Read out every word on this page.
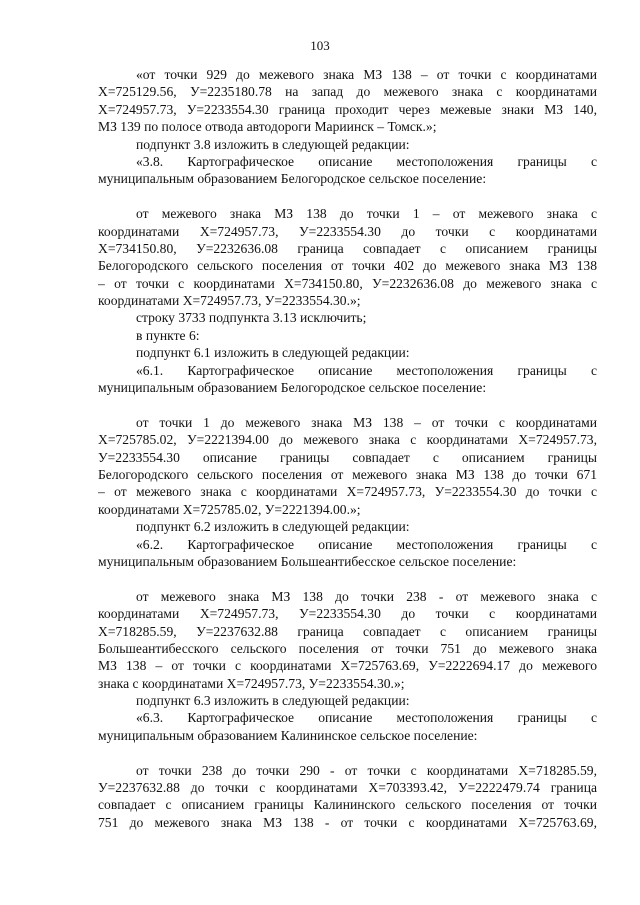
103
«от точки 929 до межевого знака МЗ 138 – от точки с координатами
Х=725129.56, У=2235180.78 на запад до межевого знака с координатами
Х=724957.73, У=2233554.30 граница проходит через межевые знаки МЗ 140,
МЗ 139 по полосе отвода автодороги Мариинск – Томск.»;
подпункт 3.8 изложить в следующей редакции:
«3.8. Картографическое описание местоположения границы с
муниципальным образованием Белогородское сельское поселение:
от межевого знака МЗ 138 до точки 1 – от межевого знака с
координатами Х=724957.73, У=2233554.30 до точки с координатами
Х=734150.80, У=2232636.08 граница совпадает с описанием границы
Белогородского сельского поселения от точки 402 до межевого знака МЗ 138
– от точки с координатами Х=734150.80, У=2232636.08 до межевого знака с
координатами Х=724957.73, У=2233554.30.»;
строку 3733 подпункта 3.13 исключить;
в пункте 6:
подпункт 6.1 изложить в следующей редакции:
«6.1. Картографическое описание местоположения границы с
муниципальным образованием Белогородское сельское поселение:
от точки 1 до межевого знака МЗ 138 – от точки с координатами
Х=725785.02, У=2221394.00 до межевого знака с координатами Х=724957.73,
У=2233554.30 описание границы совпадает с описанием границы
Белогородского сельского поселения от межевого знака МЗ 138 до точки 671
– от межевого знака с координатами Х=724957.73, У=2233554.30 до точки с
координатами Х=725785.02, У=2221394.00.»;
подпункт 6.2 изложить в следующей редакции:
«6.2. Картографическое описание местоположения границы с
муниципальным образованием Большеантибесское сельское поселение:
от межевого знака МЗ 138 до точки 238 - от межевого знака с
координатами Х=724957.73, У=2233554.30 до точки с координатами
Х=718285.59, У=2237632.88 граница совпадает с описанием границы
Большеантибесского сельского поселения от точки 751 до межевого знака
МЗ 138 – от точки с координатами Х=725763.69, У=2222694.17 до межевого
знака с координатами Х=724957.73, У=2233554.30.»;
подпункт 6.3 изложить в следующей редакции:
«6.3. Картографическое описание местоположения границы с
муниципальным образованием Калининское сельское поселение:
от точки 238 до точки 290 - от точки с координатами Х=718285.59,
У=2237632.88 до точки с координатами Х=703393.42, У=2222479.74 граница
совпадает с описанием границы Калининского сельского поселения от точки
751 до межевого знака МЗ 138 - от точки с координатами Х=725763.69,
